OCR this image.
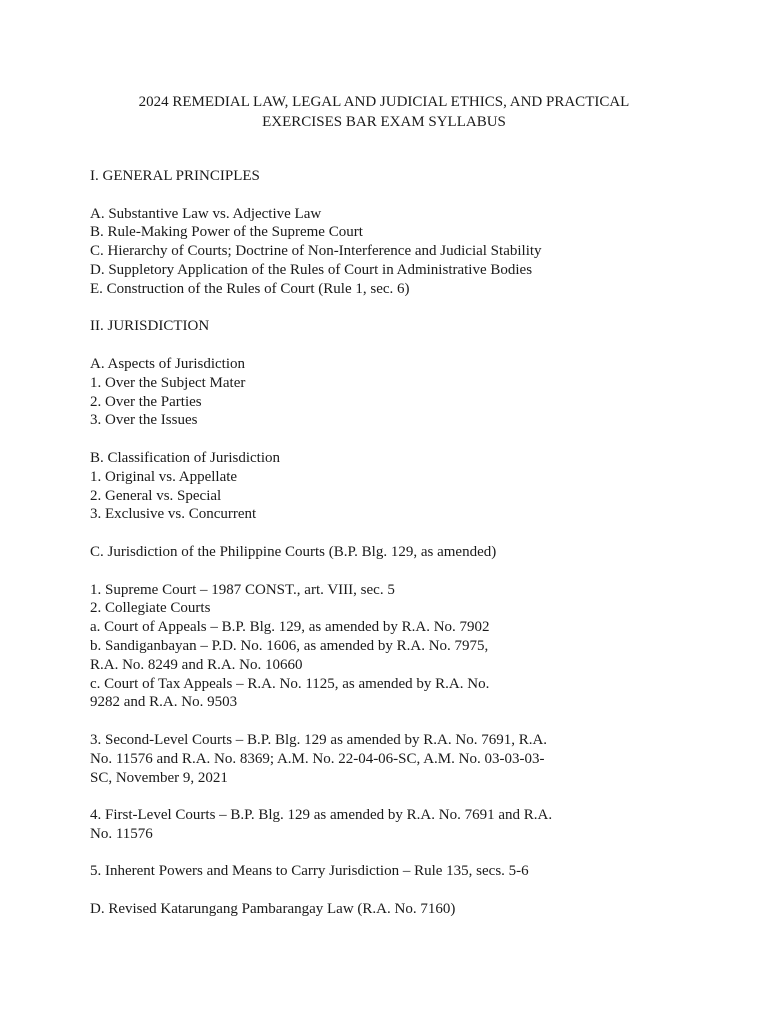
2024 REMEDIAL LAW, LEGAL AND JUDICIAL ETHICS, AND PRACTICAL
EXERCISES BAR EXAM SYLLABUS
I. GENERAL PRINCIPLES
A. Substantive Law vs. Adjective Law
B. Rule-Making Power of the Supreme Court
C. Hierarchy of Courts; Doctrine of Non-Interference and Judicial Stability
D. Suppletory Application of the Rules of Court in Administrative Bodies
E. Construction of the Rules of Court (Rule 1, sec. 6)
II. JURISDICTION
A. Aspects of Jurisdiction
1. Over the Subject Mater
2. Over the Parties
3. Over the Issues
B. Classification of Jurisdiction
1. Original vs. Appellate
2. General vs. Special
3. Exclusive vs. Concurrent
C. Jurisdiction of the Philippine Courts (B.P. Blg. 129, as amended)
1. Supreme Court – 1987 CONST., art. VIII, sec. 5
2. Collegiate Courts
a. Court of Appeals – B.P. Blg. 129, as amended by R.A. No. 7902
b. Sandiganbayan – P.D. No. 1606, as amended by R.A. No. 7975,
R.A. No. 8249 and R.A. No. 10660
c. Court of Tax Appeals – R.A. No. 1125, as amended by R.A. No.
9282 and R.A. No. 9503
3. Second-Level Courts – B.P. Blg. 129 as amended by R.A. No. 7691, R.A.
No. 11576 and R.A. No. 8369; A.M. No. 22-04-06-SC, A.M. No. 03-03-03-
SC, November 9, 2021
4. First-Level Courts – B.P. Blg. 129 as amended by R.A. No. 7691 and R.A.
No. 11576
5. Inherent Powers and Means to Carry Jurisdiction – Rule 135, secs. 5-6
D. Revised Katarungang Pambarangay Law (R.A. No. 7160)
